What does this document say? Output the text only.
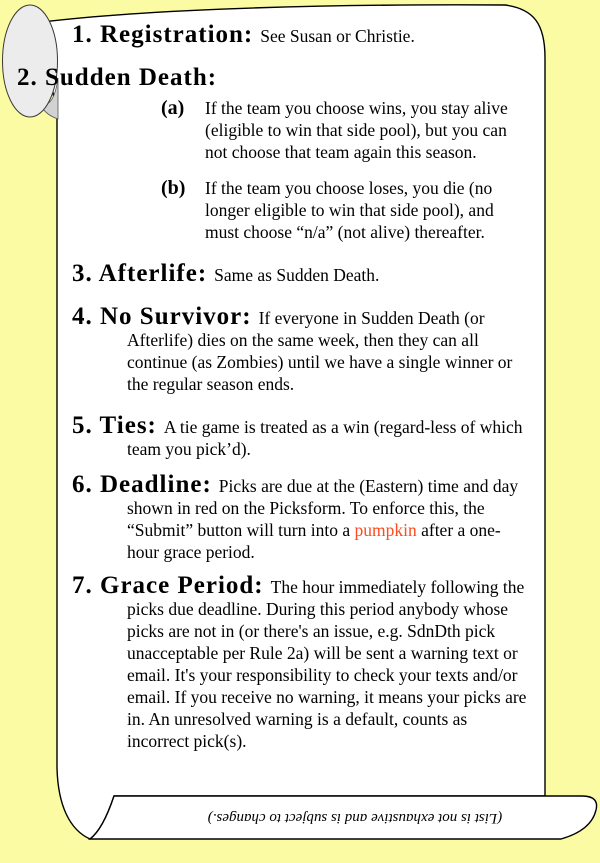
1. Registration: See Susan or Christie.

2. Sudden Death:
(a)	If the team you choose wins, you stay alive (eligible to win that side pool), but you can not choose that team again this season.
(b)	If the team you choose loses, you die (no longer eligible to win that side pool), and must choose “n/a” (not alive) thereafter.

3. Afterlife: Same as Sudden Death.

4. No Survivor: If everyone in Sudden Death (or Afterlife) dies on the same week, then they can all continue (as Zombies) until we have a single winner or the regular season ends.

5. Ties: A tie game is treated as a win (regard-less of which team you pick’d).

6. Deadline: Picks are due at the (Eastern) time and day shown in red on the Picksform. To enforce this, the “Submit” button will turn into a pumpkin after a one-hour grace period.

7. Grace Period: The hour immediately following the picks due deadline. During this period anybody whose picks are not in (or there's an issue, e.g. SdnDth pick unacceptable per Rule 2a) will be sent a warning text or email. It's your responsibility to check your texts and/or email. If you receive no warning, it means your picks are in. An unresolved warning is a default, counts as incorrect pick(s).

(List is not exhaustive and is subject to changes.)
